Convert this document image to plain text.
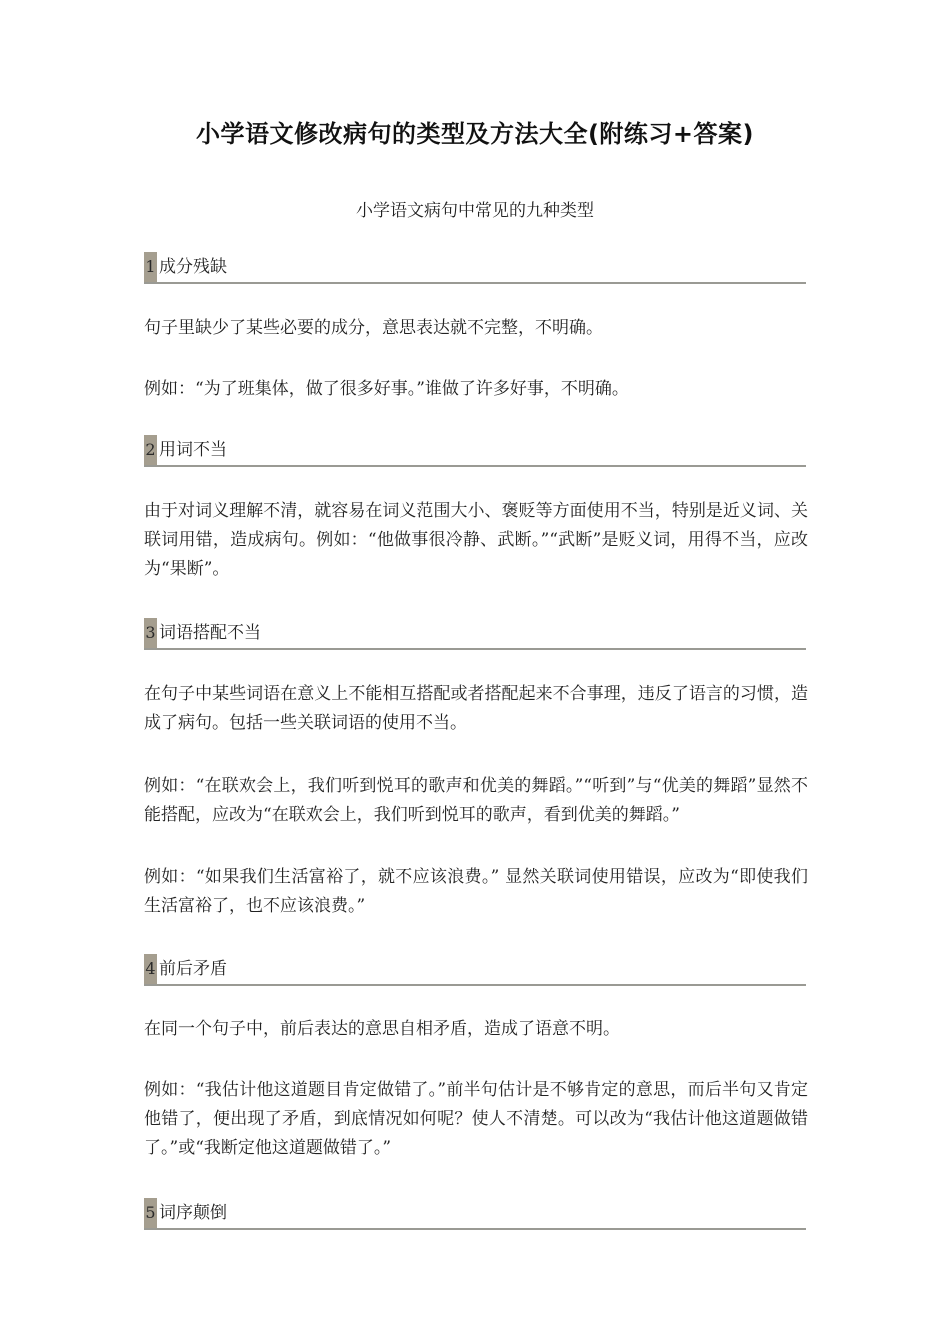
小学语文修改病句的类型及方法大全(附练习+答案)
小学语文病句中常见的九种类型
1 成分残缺
句子里缺少了某些必要的成分，意思表达就不完整，不明确。
例如：“为了班集体，做了很多好事。”谁做了许多好事，不明确。
2 用词不当
由于对词义理解不清，就容易在词义范围大小、褒贬等方面使用不当，特别是近义词、关联词用错，造成病句。例如：“他做事很冷静、武断。”“武断”是贬义词，用得不当，应改为“果断”。
3 词语搭配不当
在句子中某些词语在意义上不能相互搭配或者搭配起来不合事理，违反了语言的习惯，造成了病句。包括一些关联词语的使用不当。
例如：“在联欢会上，我们听到悦耳的歌声和优美的舞蹈。”“听到”与“优美的舞蹈”显然不能搭配，应改为“在联欢会上，我们听到悦耳的歌声，看到优美的舞蹈。”
例如：“如果我们生活富裕了，就不应该浪费。” 显然关联词使用错误，应改为“即使我们生活富裕了，也不应该浪费。”
4 前后矛盾
在同一个句子中，前后表达的意思自相矛盾，造成了语意不明。
例如：“我估计他这道题目肯定做错了。”前半句估计是不够肯定的意思，而后半句又肯定他错了，便出现了矛盾，到底情况如何呢？使人不清楚。可以改为“我估计他这道题做错了。”或“我断定他这道题做错了。”
5 词序颠倒
